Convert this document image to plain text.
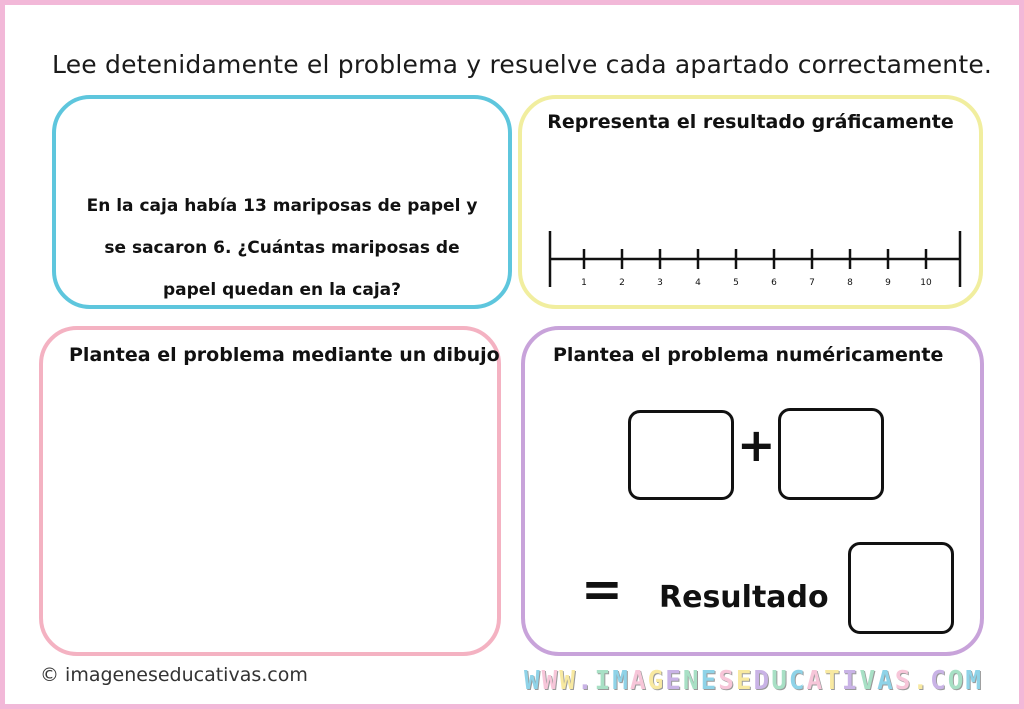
Lee detenidamente el problema y resuelve cada apartado correctamente.
En la caja había 13 mariposas de papel y se sacaron 6. ¿Cuántas mariposas de papel quedan en la caja?
Representa el resultado gráficamente
1	2	3	4	5	6	7	8	9	10
Plantea el problema mediante un dibujo	Plantea el problema numéricamente
+
= Resultado
© imageneseducativas.com	WWW.IMAGENESEDUCATIVAS.COM
